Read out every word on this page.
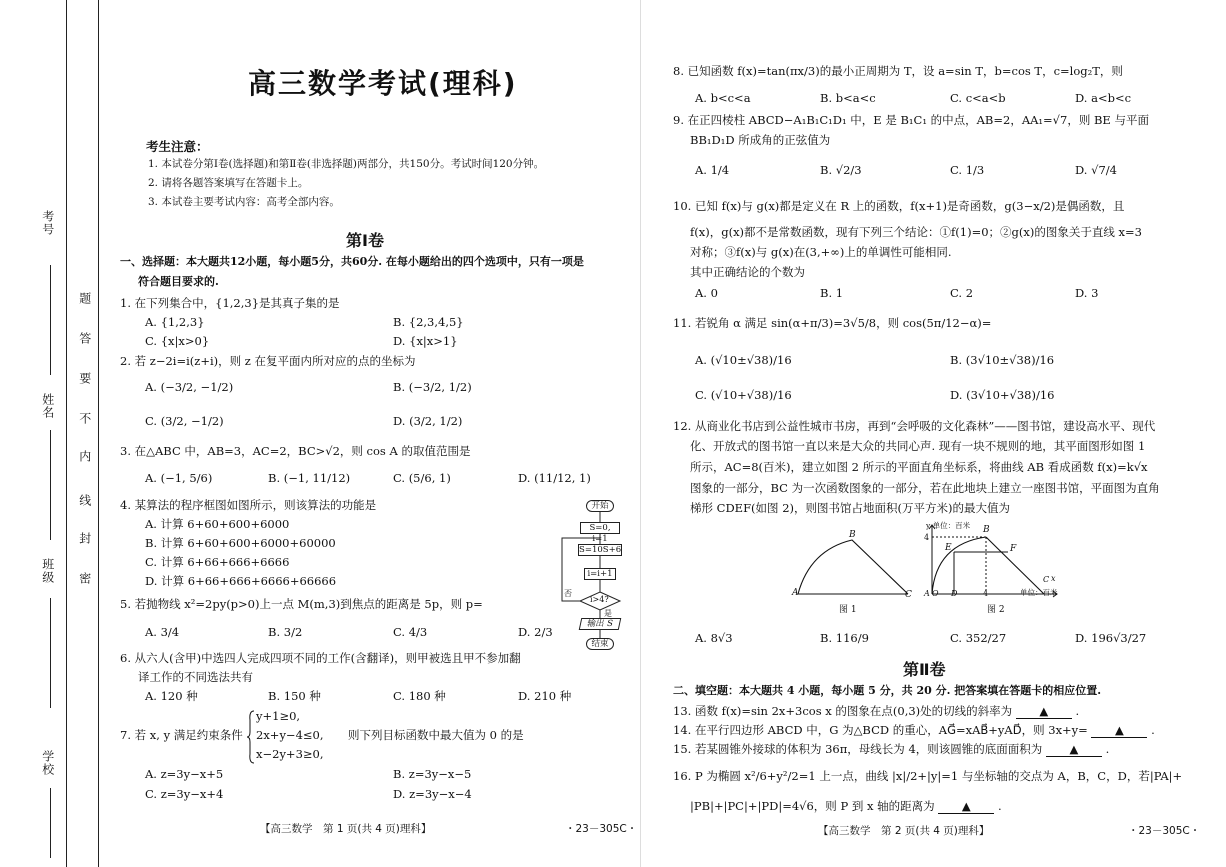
考号
姓名
班级
学校
题
答
要
不
内
线
封
密
高三数学考试(理科)
考生注意：
1. 本试卷分第Ⅰ卷(选择题)和第Ⅱ卷(非选择题)两部分，共150分。考试时间120分钟。
2. 请将各题答案填写在答题卡上。
3. 本试卷主要考试内容：高考全部内容。
第Ⅰ卷
一、选择题：本大题共12小题，每小题5分，共60分. 在每小题给出的四个选项中，只有一项是
符合题目要求的.
1. 在下列集合中，{1,2,3}是其真子集的是
A. {1,2,3}	B. {2,3,4,5}
C. {x|x>0}	D. {x|x>1}
2. 若 z−2i=i(z+i)，则 z 在复平面内所对应的点的坐标为
A. (−3/2, −1/2)	B. (−3/2, 1/2)
C. (3/2, −1/2)	D. (3/2, 1/2)
3. 在△ABC 中，AB=3，AC=2，BC>√2，则 cos A 的取值范围是
A. (−1, 5/6)	B. (−1, 11/12)	C. (5/6, 1)	D. (11/12, 1)
4. 某算法的程序框图如图所示，则该算法的功能是
A. 计算 6+60+600+6000
B. 计算 6+60+600+6000+60000
C. 计算 6+66+666+6666
D. 计算 6+66+666+6666+66666
开始
S=0, i=1
S=10S+6
i=i+1
i>4?
否
是
输出 S
结束
5. 若抛物线 x²=2py(p>0)上一点 M(m,3)到焦点的距离是 5p，则 p=
A. 3/4	B. 3/2	C. 4/3	D. 2/3
6. 从六人(含甲)中选四人完成四项不同的工作(含翻译)，则甲被选且甲不参加翻
译工作的不同选法共有
A. 120 种	B. 150 种	C. 180 种	D. 210 种
7. 若 x, y 满足约束条件
y+1≥0,
2x+y−4≤0,
x−2y+3≥0,
则下列目标函数中最大值为 0 的是
A. z=3y−x+5	B. z=3y−x−5
C. z=3y−x+4	D. z=3y−x−4
【高三数学　第 1 页(共 4 页)理科】	・23－305C・
8. 已知函数 f(x)=tan(πx/3)的最小正周期为 T，设 a=sin T，b=cos T，c=log₂T，则
A. b<c<a	B. b<a<c	C. c<a<b	D. a<b<c
9. 在正四棱柱 ABCD−A₁B₁C₁D₁ 中，E 是 B₁C₁ 的中点，AB=2，AA₁=√7，则 BE 与平面
BB₁D₁D 所成角的正弦值为
A. 1/4	B. √2/3	C. 1/3	D. √7/4
10. 已知 f(x)与 g(x)都是定义在 R 上的函数，f(x+1)是奇函数，g(3−x/2)是偶函数，且
f(x)，g(x)都不是常数函数，现有下列三个结论：①f(1)=0；②g(x)的图象关于直线 x=3
对称；③f(x)与 g(x)在(3,+∞)上的单调性可能相同.
其中正确结论的个数为
A. 0	B. 1	C. 2	D. 3
11. 若锐角 α 满足 sin(α+π/3)=3√5/8，则 cos(5π/12−α)=
A. (√10±√38)/16	B. (3√10±√38)/16
C. (√10+√38)/16	D. (3√10+√38)/16
12. 从商业化书店到公益性城市书房，再到“会呼吸的文化森林”——图书馆，建设高水平、现代
化、开放式的图书馆一直以来是大众的共同心声. 现有一块不规则的地，其平面图形如图 1
所示，AC=8(百米)，建立如图 2 所示的平面直角坐标系，将曲线 AB 看成函数 f(x)=k√x
图象的一部分，BC 为一次函数图象的一部分，若在此地块上建立一座图书馆，平面图为直角
梯形 CDEF(如图 2)，则图书馆占地面积(万平方米)的最大值为
A
B
C
图 1
y 单位：百米 B
4
E	F
C x
A O D	4	单位：百米
图 2
A. 8√3	B. 116/9	C. 352/27	D. 196√3/27
第Ⅱ卷
二、填空题：本大题共 4 小题，每小题 5 分，共 20 分. 把答案填在答题卡的相应位置.
13. 函数 f(x)=sin 2x+3cos x 的图象在点(0,3)处的切线的斜率为 ▲ .
14. 在平行四边形 ABCD 中，G 为△BCD 的重心，AG⃗=xAB⃗+yAD⃗，则 3x+y= ▲ .
15. 若某圆锥外接球的体积为 36π，母线长为 4，则该圆锥的底面面积为 ▲ .
16. P 为椭圆 x²/6+y²/2=1 上一点，曲线 |x|/2+|y|=1 与坐标轴的交点为 A，B，C，D，若|PA|+
|PB|+|PC|+|PD|=4√6，则 P 到 x 轴的距离为 ▲ .
【高三数学　第 2 页(共 4 页)理科】	・23－305C・
